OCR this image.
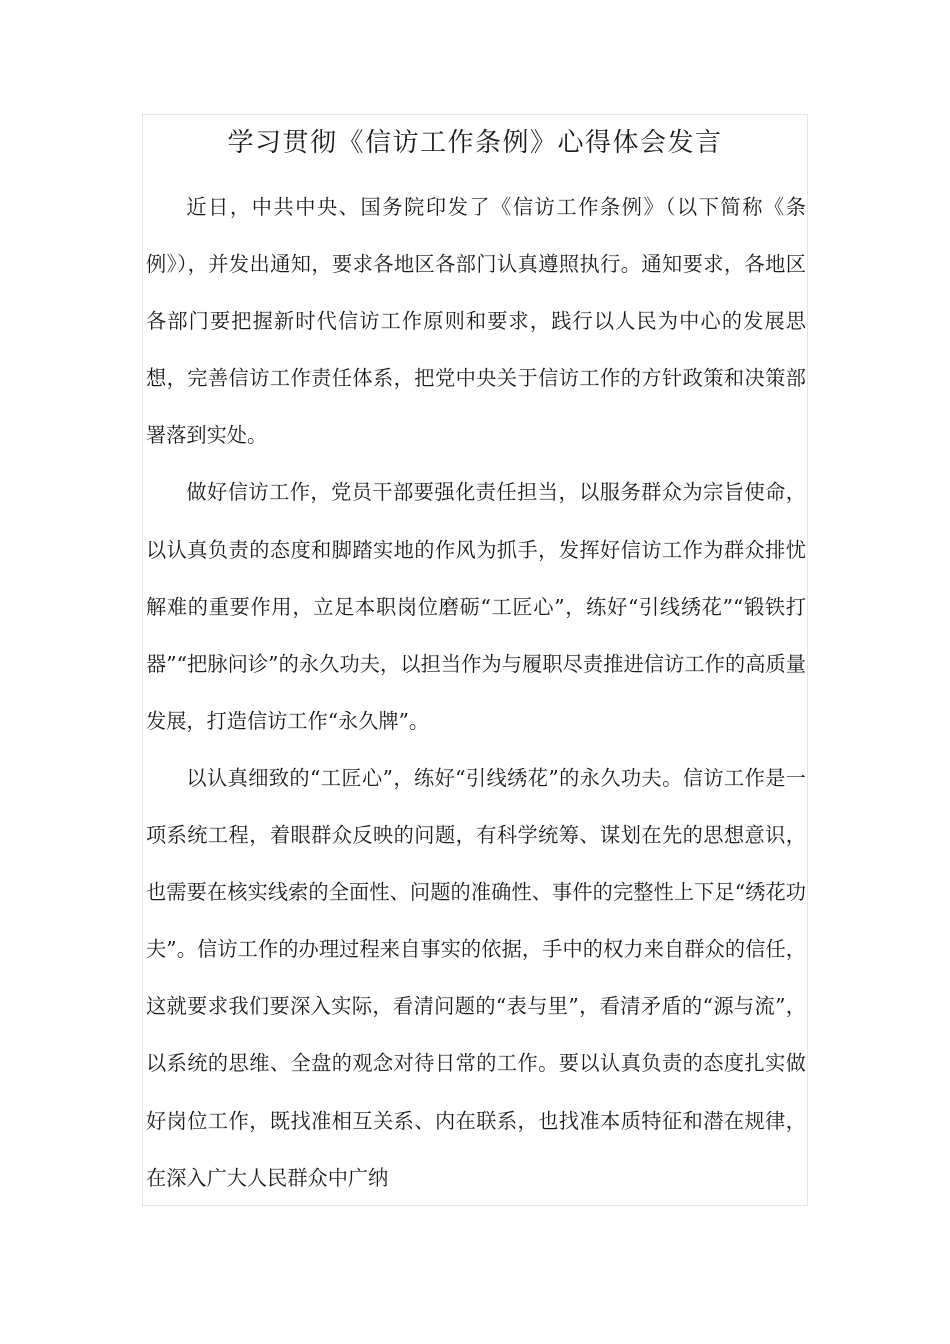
学习贯彻《信访工作条例》心得体会发言

近日，中共中央、国务院印发了《信访工作条例》（以下简称《条例》），并发出通知，要求各地区各部门认真遵照执行。通知要求，各地区各部门要把握新时代信访工作原则和要求，践行以人民为中心的发展思想，完善信访工作责任体系，把党中央关于信访工作的方针政策和决策部署落到实处。

做好信访工作，党员干部要强化责任担当，以服务群众为宗旨使命，以认真负责的态度和脚踏实地的作风为抓手，发挥好信访工作为群众排忧解难的重要作用，立足本职岗位磨砺“工匠心”，练好“引线绣花”“锻铁打器”“把脉问诊”的永久功夫，以担当作为与履职尽责推进信访工作的高质量发展，打造信访工作“永久牌”。

以认真细致的“工匠心”，练好“引线绣花”的永久功夫。信访工作是一项系统工程，着眼群众反映的问题，有科学统筹、谋划在先的思想意识，也需要在核实线索的全面性、问题的准确性、事件的完整性上下足“绣花功夫”。信访工作的办理过程来自事实的依据，手中的权力来自群众的信任，这就要求我们要深入实际，看清问题的“表与里”，看清矛盾的“源与流”，以系统的思维、全盘的观念对待日常的工作。要以认真负责的态度扎实做好岗位工作，既找准相互关系、内在联系，也找准本质特征和潜在规律，在深入广大人民群众中广纳
